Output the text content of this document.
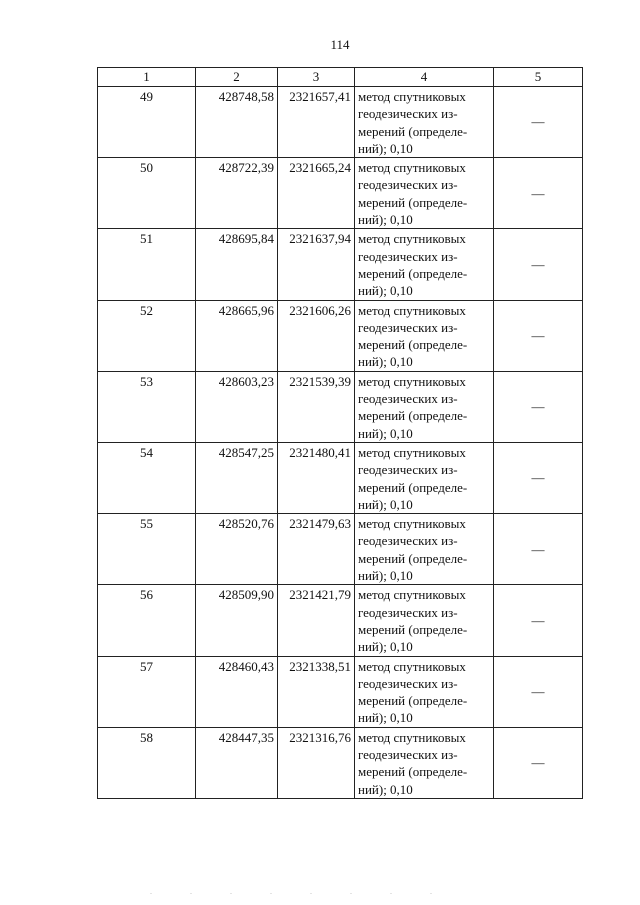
114
1	2	3	4	5
49	428748,58	2321657,41	метод спутниковых
геодезических из-
мерений (определе-
ний); 0,10	—
50	428722,39	2321665,24	метод спутниковых
геодезических из-
мерений (определе-
ний); 0,10	—
51	428695,84	2321637,94	метод спутниковых
геодезических из-
мерений (определе-
ний); 0,10	—
52	428665,96	2321606,26	метод спутниковых
геодезических из-
мерений (определе-
ний); 0,10	—
53	428603,23	2321539,39	метод спутниковых
геодезических из-
мерений (определе-
ний); 0,10	—
54	428547,25	2321480,41	метод спутниковых
геодезических из-
мерений (определе-
ний); 0,10	—
55	428520,76	2321479,63	метод спутниковых
геодезических из-
мерений (определе-
ний); 0,10	—
56	428509,90	2321421,79	метод спутниковых
геодезических из-
мерений (определе-
ний); 0,10	—
57	428460,43	2321338,51	метод спутниковых
геодезических из-
мерений (определе-
ний); 0,10	—
58	428447,35	2321316,76	метод спутниковых
геодезических из-
мерений (определе-
ний); 0,10	—
. . . . . . . .
